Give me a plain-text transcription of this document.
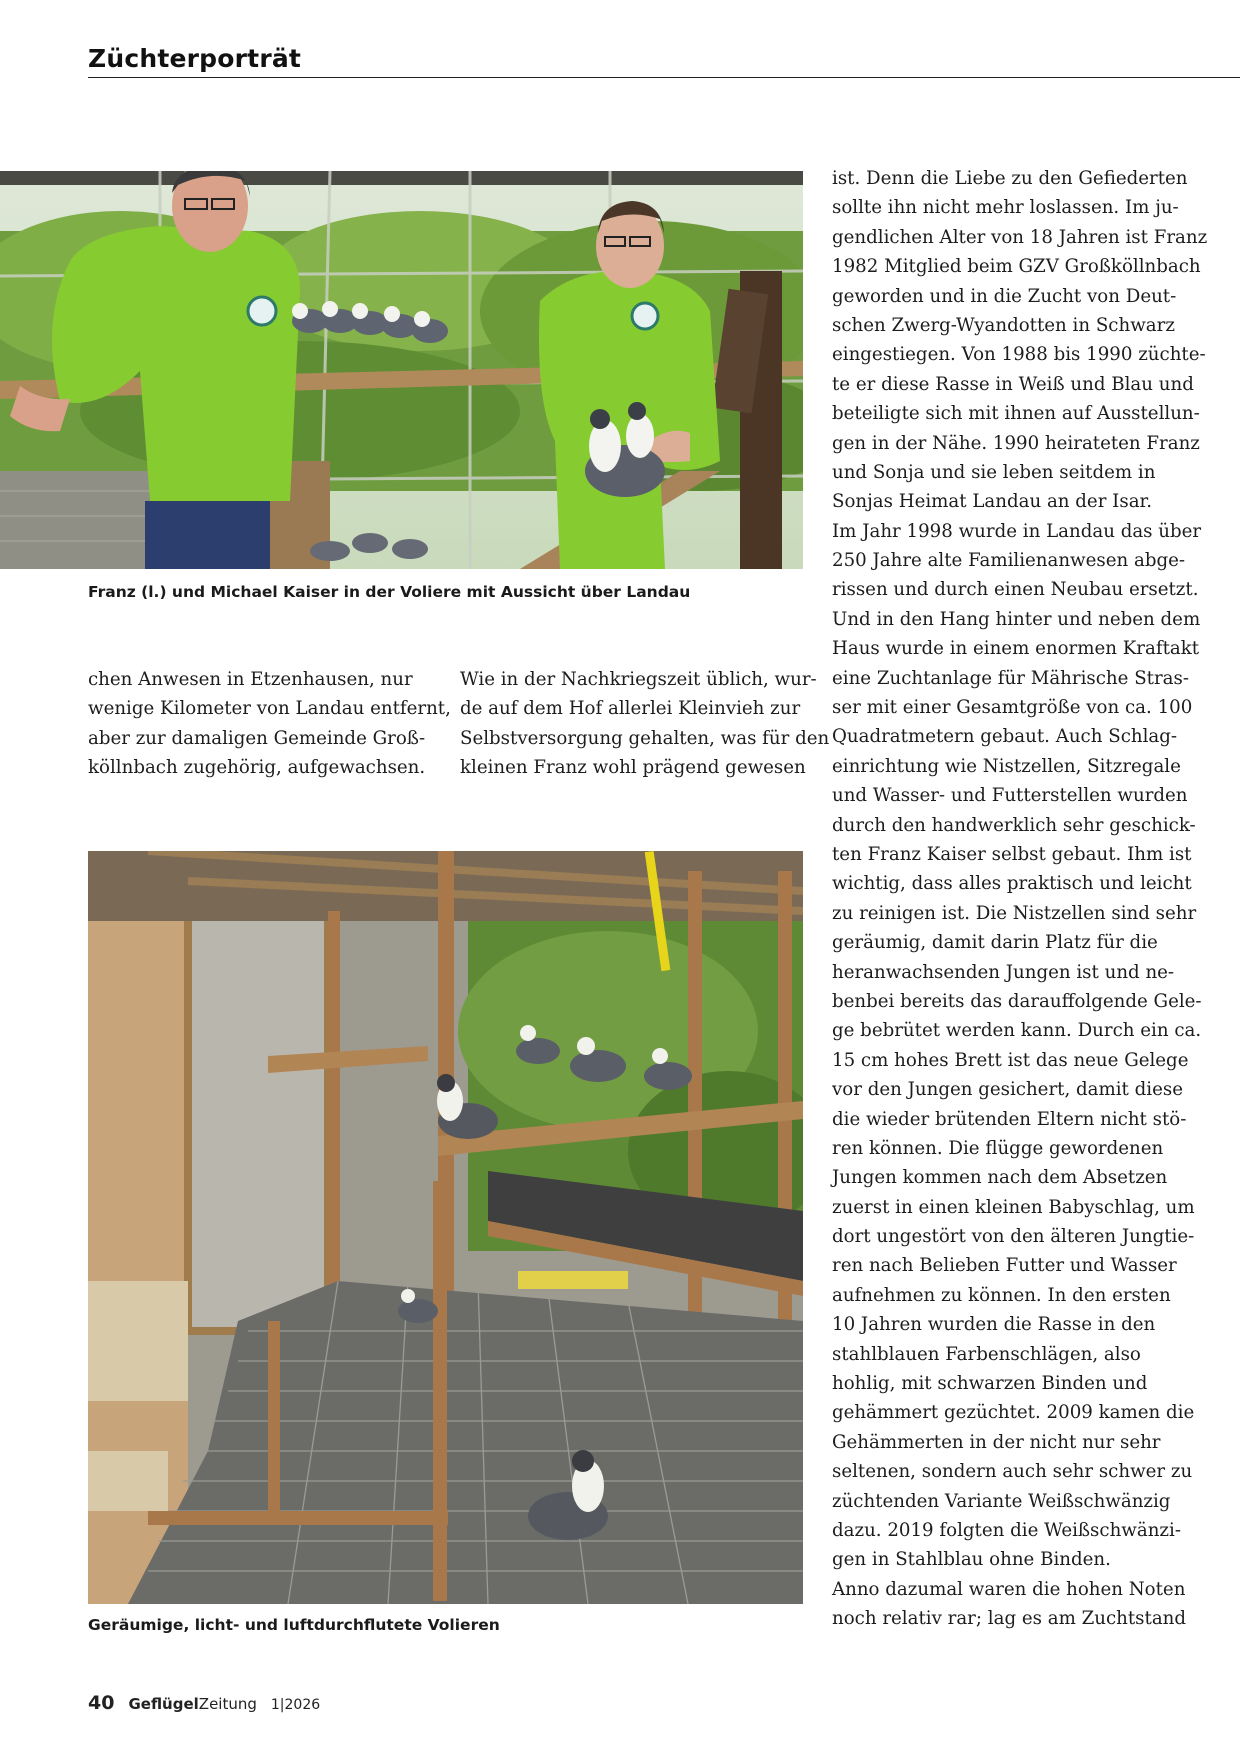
Züchterporträt
Franz (l.) und Michael Kaiser in der Voliere mit Aussicht über Landau
chen Anwesen in Etzenhausen, nur
wenige Kilometer von Landau entfernt,
aber zur damaligen Gemeinde Groß-
köllnbach zugehörig, aufgewachsen.
Wie in der Nachkriegszeit üblich, wur-
de auf dem Hof allerlei Kleinvieh zur
Selbstversorgung gehalten, was für den
kleinen Franz wohl prägend gewesen
Geräumige, licht- und luftdurchflutete Volieren
ist. Denn die Liebe zu den Gefiederten
sollte ihn nicht mehr loslassen. Im ju-
gendlichen Alter von 18 Jahren ist Franz
1982 Mitglied beim GZV Großköllnbach
geworden und in die Zucht von Deut-
schen Zwerg-Wyandotten in Schwarz
eingestiegen. Von 1988 bis 1990 züchte-
te er diese Rasse in Weiß und Blau und
beteiligte sich mit ihnen auf Ausstellun-
gen in der Nähe. 1990 heirateten Franz
und Sonja und sie leben seitdem in
Sonjas Heimat Landau an der Isar.
Im Jahr 1998 wurde in Landau das über
250 Jahre alte Familienanwesen abge-
rissen und durch einen Neubau ersetzt.
Und in den Hang hinter und neben dem
Haus wurde in einem enormen Kraftakt
eine Zuchtanlage für Mährische Stras-
ser mit einer Gesamtgröße von ca. 100
Quadratmetern gebaut. Auch Schlag-
einrichtung wie Nistzellen, Sitzregale
und Wasser- und Futterstellen wurden
durch den handwerklich sehr geschick-
ten Franz Kaiser selbst gebaut. Ihm ist
wichtig, dass alles praktisch und leicht
zu reinigen ist. Die Nistzellen sind sehr
geräumig, damit darin Platz für die
heranwachsenden Jungen ist und ne-
benbei bereits das darauffolgende Gele-
ge bebrütet werden kann. Durch ein ca.
15 cm hohes Brett ist das neue Gelege
vor den Jungen gesichert, damit diese
die wieder brütenden Eltern nicht stö-
ren können. Die flügge gewordenen
Jungen kommen nach dem Absetzen
zuerst in einen kleinen Babyschlag, um
dort ungestört von den älteren Jungtie-
ren nach Belieben Futter und Wasser
aufnehmen zu können. In den ersten
10 Jahren wurden die Rasse in den
stahlblauen Farbenschlägen, also
hohlig, mit schwarzen Binden und
gehämmert gezüchtet. 2009 kamen die
Gehämmerten in der nicht nur sehr
seltenen, sondern auch sehr schwer zu
züchtenden Variante Weißschwänzig
dazu. 2019 folgten die Weißschwänzi-
gen in Stahlblau ohne Binden.
Anno dazumal waren die hohen Noten
noch relativ rar; lag es am Zuchtstand
40 Geflügel Zeitung 1|2026
